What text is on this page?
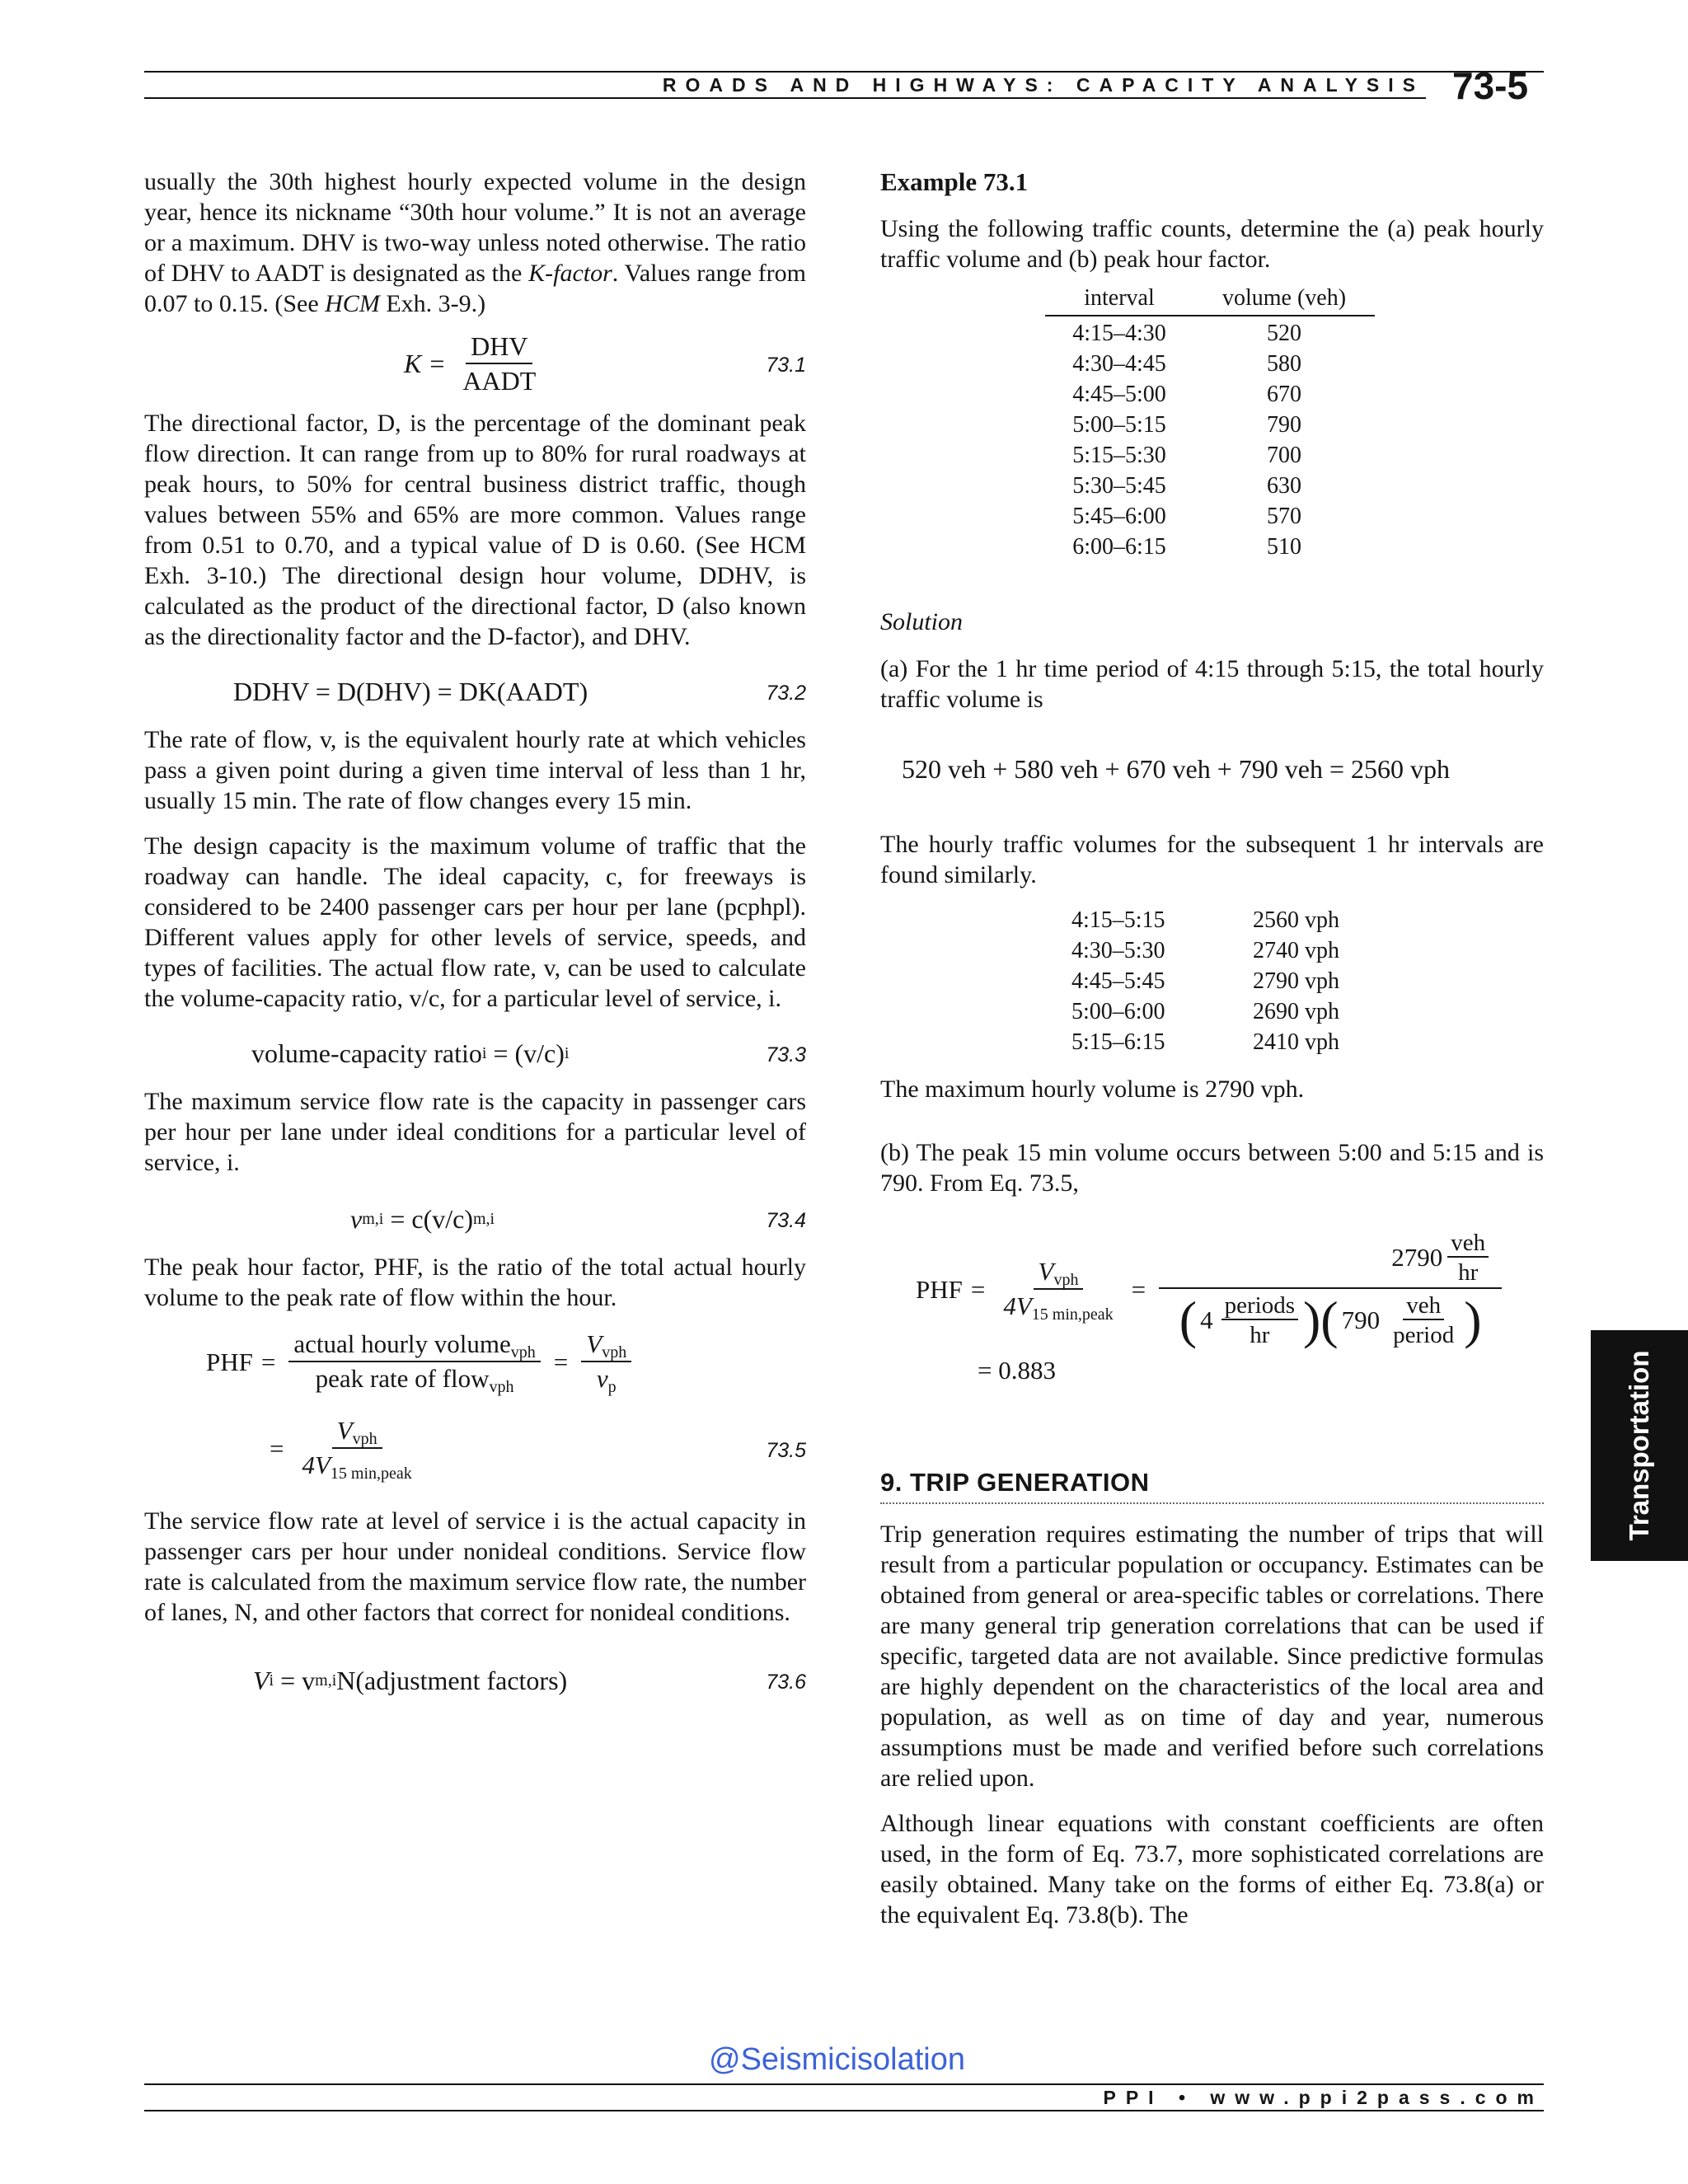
ROADS AND HIGHWAYS: CAPACITY ANALYSIS 73-5

usually the 30th highest hourly expected volume in the design year, hence its nickname “30th hour volume.” It is not an average or a maximum. DHV is two-way unless noted otherwise. The ratio of DHV to AADT is designated as the K-factor. Values range from 0.07 to 0.15. (See HCM Exh. 3-9.)

$K = \frac{\text{DHV}}{\text{AADT}}$	73.1

The directional factor, D, is the percentage of the dominant peak flow direction. It can range from up to 80% for rural roadways at peak hours, to 50% for central business district traffic, though values between 55% and 65% are more common. Values range from 0.51 to 0.70, and a typical value of D is 0.60. (See HCM Exh. 3-10.) The directional design hour volume, DDHV, is calculated as the product of the directional factor, D (also known as the directionality factor and the D-factor), and DHV.

DDHV = D(DHV) = DK(AADT)	73.2

The rate of flow, v, is the equivalent hourly rate at which vehicles pass a given point during a given time interval of less than 1 hr, usually 15 min. The rate of flow changes every 15 min.

The design capacity is the maximum volume of traffic that the roadway can handle. The ideal capacity, c, for freeways is considered to be 2400 passenger cars per hour per lane (pcphpl). Different values apply for other levels of service, speeds, and types of facilities. The actual flow rate, v, can be used to calculate the volume-capacity ratio, v/c, for a particular level of service, i.

volume-capacity ratio i = (v/c) i	73.3

The maximum service flow rate is the capacity in passenger cars per hour per lane under ideal conditions for a particular level of service, i.

v m,i = c(v/c) m,i	73.4

The peak hour factor, PHF, is the ratio of the total actual hourly volume to the peak rate of flow within the hour.

PHF = $\frac{actual hourly volume_{vph}}{peak rate of flow_{vph}} = \frac{V_{vph}}{v_p}$
= $\frac{V_{vph}}{4V_{15 min,peak}}$	73.5

The service flow rate at level of service i is the actual capacity in passenger cars per hour under nonideal conditions. Service flow rate is calculated from the maximum service flow rate, the number of lanes, N, and other factors that correct for nonideal conditions.

V i = v m,i N(adjustment factors)	73.6
Example 73.1

Using the following traffic counts, determine the (a) peak hourly traffic volume and (b) peak hour factor.

interval	volume (veh)
4:15–4:30	520
4:30–4:45	580
4:45–5:00	670
5:00–5:15	790
5:15–5:30	700
5:30–5:45	630
5:45–6:00	570
6:00–6:15	510

Solution

(a) For the 1 hr time period of 4:15 through 5:15, the total hourly traffic volume is

520 veh + 580 veh + 670 veh + 790 veh = 2560 vph

The hourly traffic volumes for the subsequent 1 hr intervals are found similarly.

4:15–5:15	2560 vph
4:30–5:30	2740 vph
4:45–5:45	2790 vph
5:00–6:00	2690 vph
5:15–6:15	2410 vph

The maximum hourly volume is 2790 vph.

(b) The peak 15 min volume occurs between 5:00 and 5:15 and is 790. From Eq. 73.5,

PHF = $\frac{V_{vph}}{4V_{15 min,peak}} = \frac{2790 \frac{\text{veh}}{hr}}{( 4 \frac{\text{periods}}{hr} ) ( 790 \frac{\text{veh}}{\text{period}} )}$
= 0.883
9. TRIP GENERATION

Trip generation requires estimating the number of trips that will result from a particular population or occupancy. Estimates can be obtained from general or area-specific tables or correlations. There are many general trip generation correlations that can be used if specific, targeted data are not available. Since predictive formulas are highly dependent on the characteristics of the local area and population, as well as on time of day and year, numerous assumptions must be made and verified before such correlations are relied upon.

Although linear equations with constant coefficients are often used, in the form of Eq. 73.7, more sophisticated correlations are easily obtained. Many take on the forms of either Eq. 73.8(a) or the equivalent Eq. 73.8(b). The

Transportation
@Seismicisolation
PPI • www.ppi2pass.com
